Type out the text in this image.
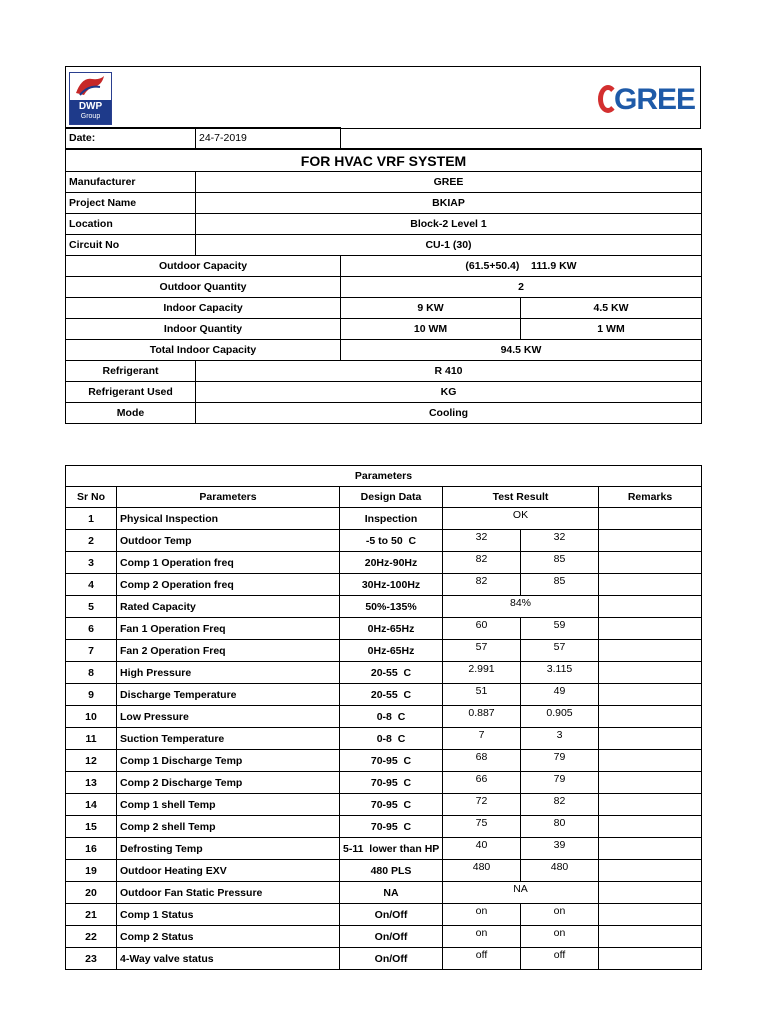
DWP
Group
GREE
Date:	24-7-2019		
FOR HVAC VRF SYSTEM			
Manufacturer	GREE		
Project Name	BKIAP		
Location	Block-2 Level 1		
Circuit No	CU-1 (30)		
Outdoor Capacity		(61.5+50.4)    111.9 KW	
Outdoor Quantity		2	
Indoor Capacity		9 KW	4.5 KW
Indoor Quantity		10 WM	1 WM
Total Indoor Capacity		94.5 KW	
Refrigerant	R 410		
Refrigerant Used	KG		
Mode	Cooling		
Parameters					
Sr No	Parameters	Design Data	Test Result		Remarks
1	Physical Inspection	Inspection	OK		
2	Outdoor Temp	-5 to 50  C	32	32	
3	Comp 1 Operation freq	20Hz-90Hz	82	85	
4	Comp 2 Operation freq	30Hz-100Hz	82	85	
5	Rated Capacity	50%-135%	84%		
6	Fan 1 Operation Freq	0Hz-65Hz	60	59	
7	Fan 2 Operation Freq	0Hz-65Hz	57	57	
8	High Pressure	20-55  C	2.991	3.115	
9	Discharge Temperature	20-55  C	51	49	
10	Low Pressure	0-8  C	0.887	0.905	
11	Suction Temperature	0-8  C	7	3	
12	Comp 1 Discharge Temp	70-95  C	68	79	
13	Comp 2 Discharge Temp	70-95  C	66	79	
14	Comp 1 shell Temp	70-95  C	72	82	
15	Comp 2 shell Temp	70-95  C	75	80	
16	Defrosting Temp	5-11  lower than HP	40	39	
19	Outdoor Heating EXV	480 PLS	480	480	
20	Outdoor Fan Static Pressure	NA	NA		
21	Comp 1 Status	On/Off	on	on	
22	Comp 2 Status	On/Off	on	on	
23	4-Way valve status	On/Off	off	off	
